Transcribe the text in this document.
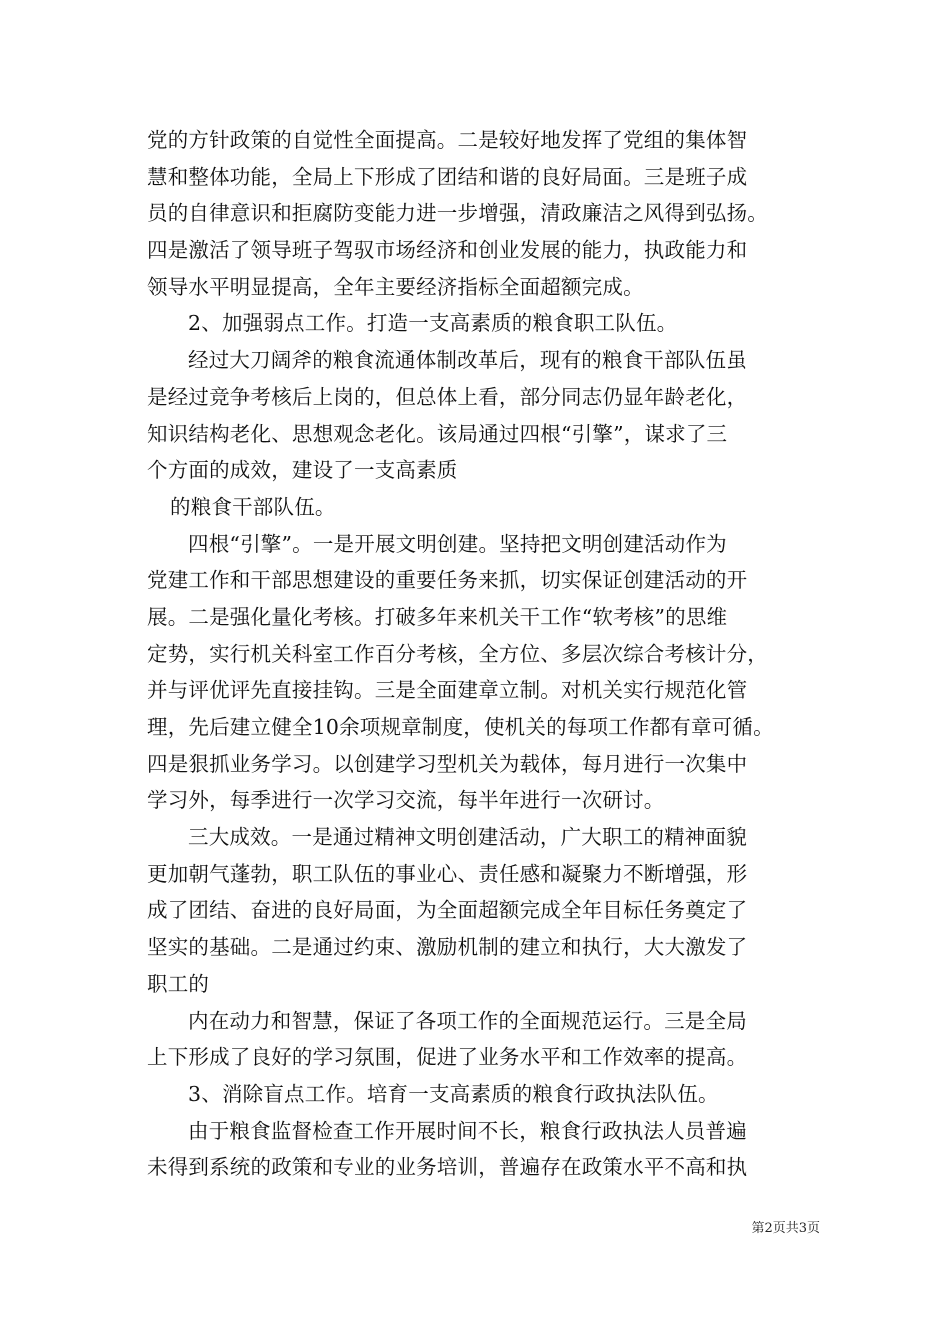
党的方针政策的自觉性全面提高。二是较好地发挥了党组的集体智
慧和整体功能，全局上下形成了团结和谐的良好局面。三是班子成
员的自律意识和拒腐防变能力进一步增强，清政廉洁之风得到弘扬。
四是激活了领导班子驾驭市场经济和创业发展的能力，执政能力和
领导水平明显提高，全年主要经济指标全面超额完成。
2、加强弱点工作。打造一支高素质的粮食职工队伍。
经过大刀阔斧的粮食流通体制改革后，现有的粮食干部队伍虽
是经过竞争考核后上岗的，但总体上看，部分同志仍显年龄老化，
知识结构老化、思想观念老化。该局通过四根“引擎”，谋求了三
个方面的成效，建设了一支高素质
的粮食干部队伍。
四根“引擎”。一是开展文明创建。坚持把文明创建活动作为
党建工作和干部思想建设的重要任务来抓，切实保证创建活动的开
展。二是强化量化考核。打破多年来机关干工作“软考核”的思维
定势，实行机关科室工作百分考核，全方位、多层次综合考核计分，
并与评优评先直接挂钩。三是全面建章立制。对机关实行规范化管
理，先后建立健全10余项规章制度，使机关的每项工作都有章可循。
四是狠抓业务学习。以创建学习型机关为载体，每月进行一次集中
学习外，每季进行一次学习交流，每半年进行一次研讨。
三大成效。一是通过精神文明创建活动，广大职工的精神面貌
更加朝气蓬勃，职工队伍的事业心、责任感和凝聚力不断增强，形
成了团结、奋进的良好局面，为全面超额完成全年目标任务奠定了
坚实的基础。二是通过约束、激励机制的建立和执行，大大激发了
职工的
内在动力和智慧，保证了各项工作的全面规范运行。三是全局
上下形成了良好的学习氛围，促进了业务水平和工作效率的提高。
3、消除盲点工作。培育一支高素质的粮食行政执法队伍。
由于粮食监督检查工作开展时间不长，粮食行政执法人员普遍
未得到系统的政策和专业的业务培训，普遍存在政策水平不高和执
第2页共3页
